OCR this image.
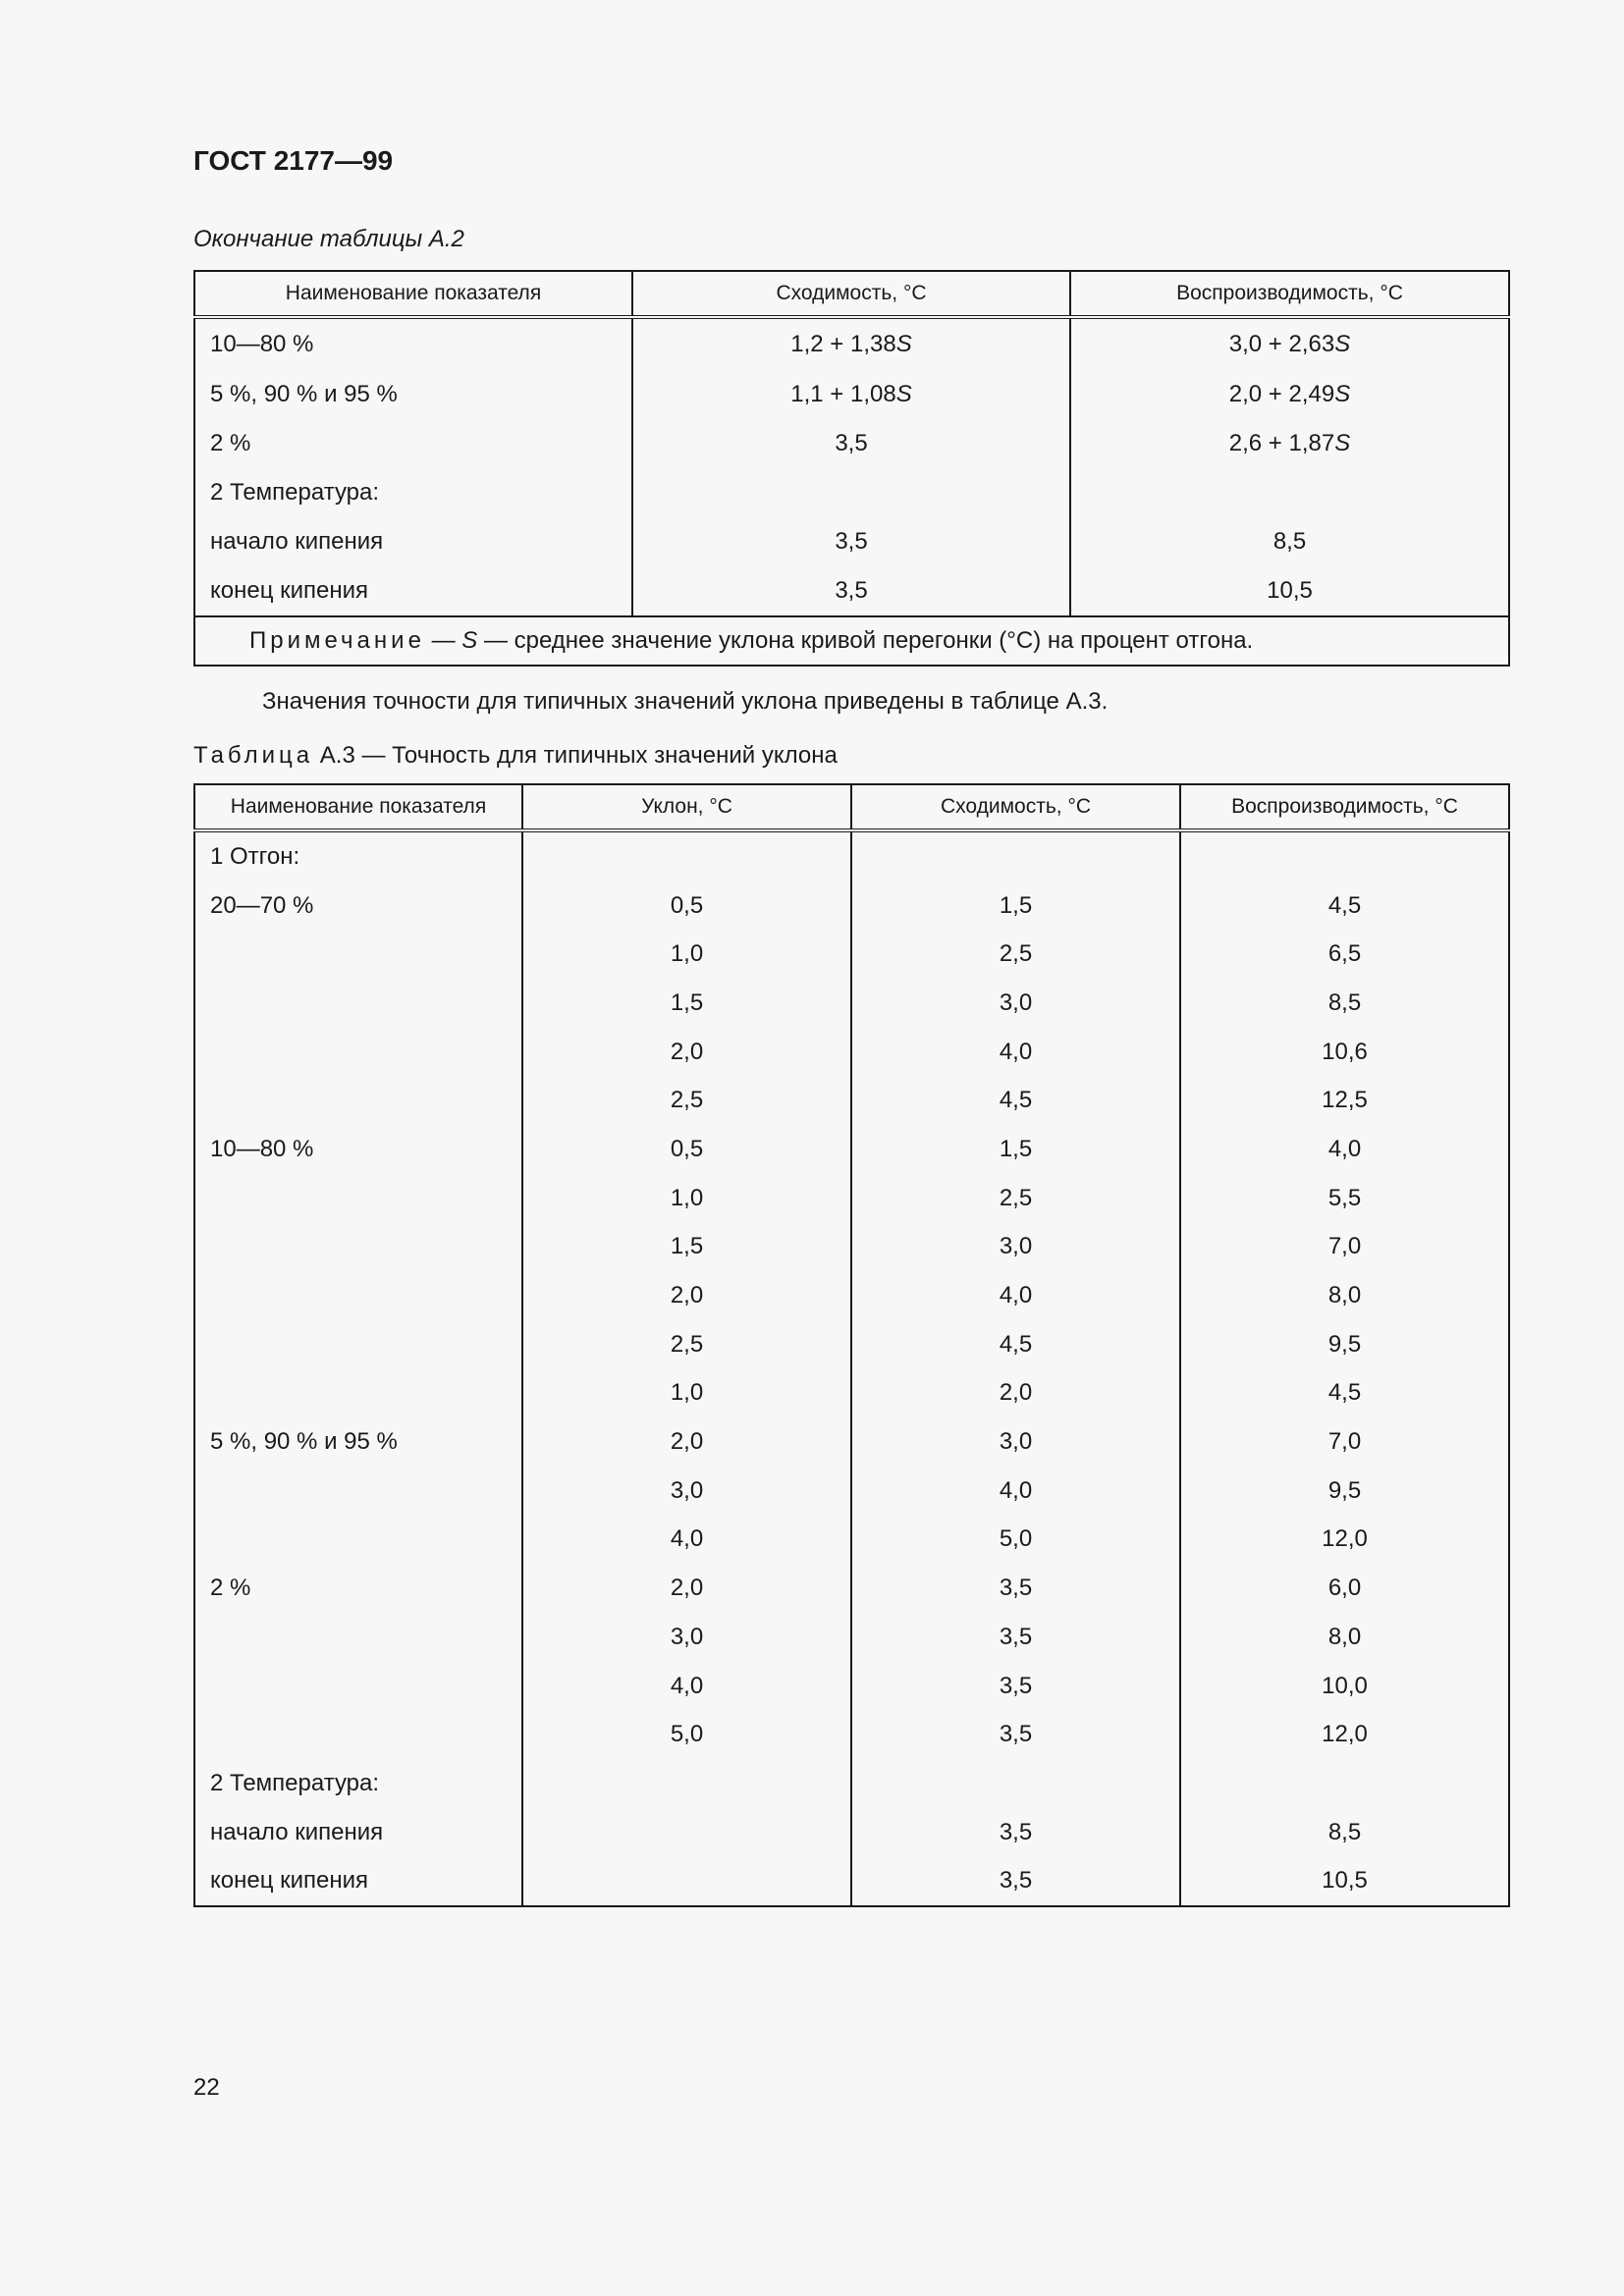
ГОСТ 2177—99
Окончание таблицы А.2
Наименование показателя	Сходимость, °С	Воспроизводимость, °С
10—80 %	1,2 + 1,38S	3,0 + 2,63S
5 %, 90 % и 95 %	1,1 + 1,08S	2,0 + 2,49S
2 %	3,5	2,6 + 1,87S
2 Температура:		
начало кипения	3,5	8,5
конец кипения	3,5	10,5
Примечание — S — среднее значение уклона кривой перегонки (°С) на процент отгона.		
Значения точности для типичных значений уклона приведены в таблице А.3.
Таблица А.3 — Точность для типичных значений уклона
Наименование показателя	Уклон, °С	Сходимость, °С	Воспроизводимость, °С
1 Отгон:			
20—70 %	0,5	1,5	4,5
	1,0	2,5	6,5
	1,5	3,0	8,5
	2,0	4,0	10,6
	2,5	4,5	12,5
10—80 %	0,5	1,5	4,0
	1,0	2,5	5,5
	1,5	3,0	7,0
	2,0	4,0	8,0
	2,5	4,5	9,5
	1,0	2,0	4,5
5 %, 90 % и 95 %	2,0	3,0	7,0
	3,0	4,0	9,5
	4,0	5,0	12,0
2 %	2,0	3,5	6,0
	3,0	3,5	8,0
	4,0	3,5	10,0
	5,0	3,5	12,0
2 Температура:			
начало кипения		3,5	8,5
конец кипения		3,5	10,5
22
